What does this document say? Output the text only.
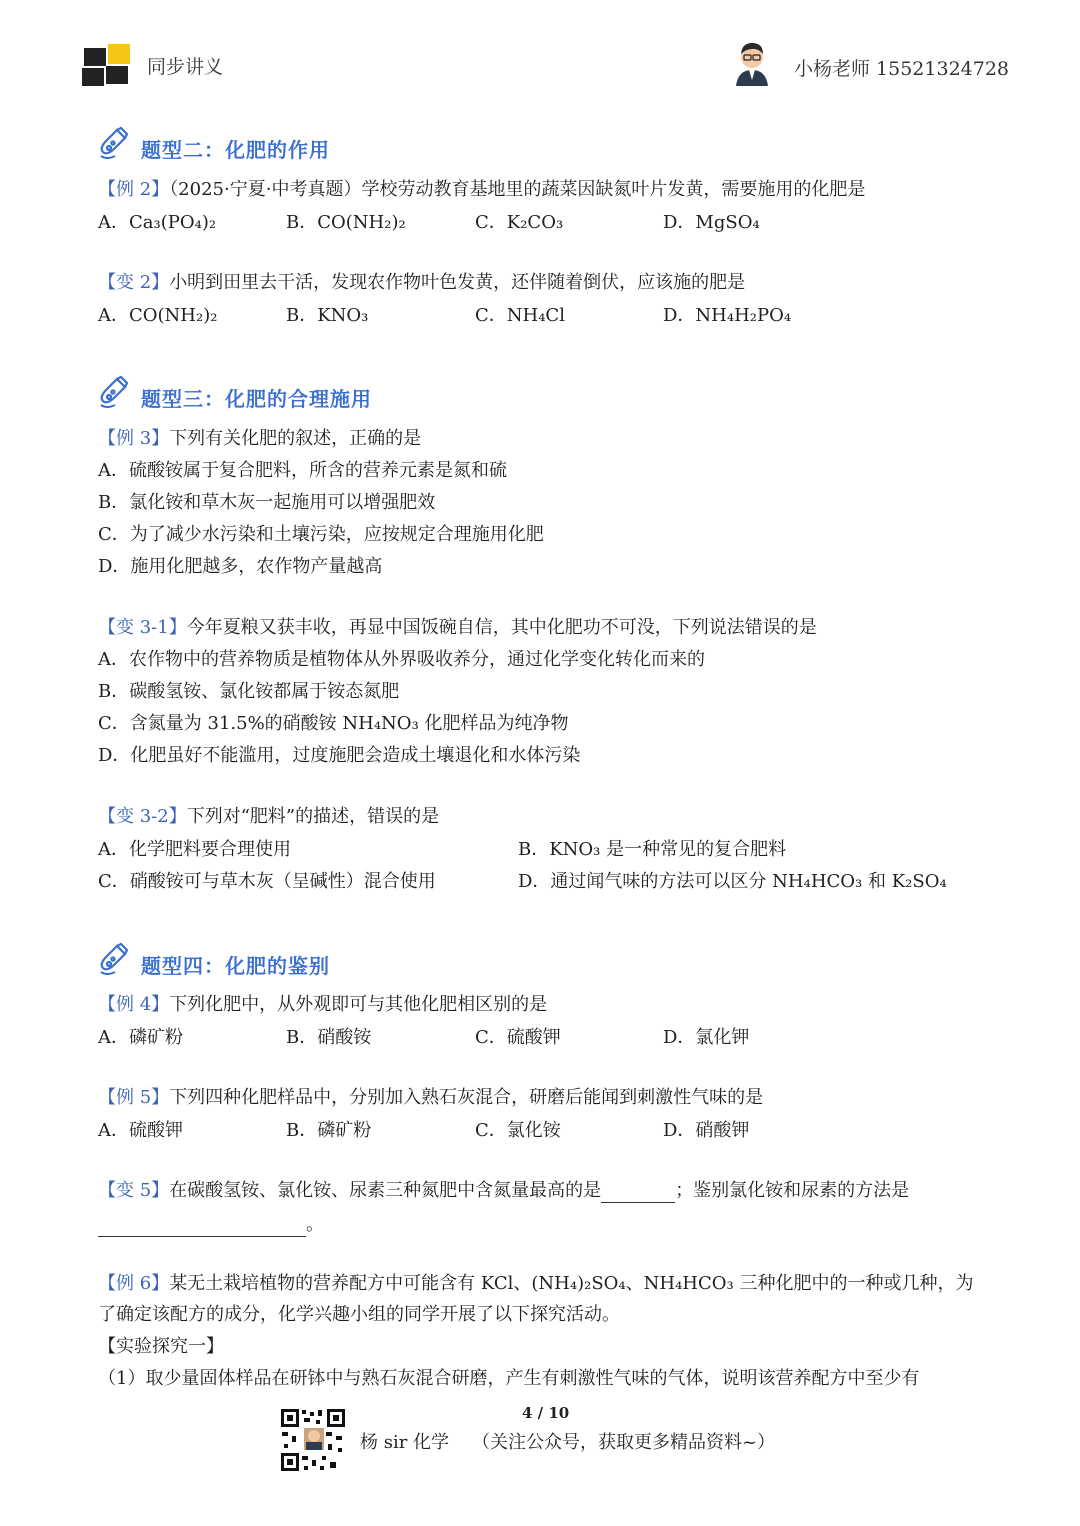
同步讲义	小杨老师 15521324728
题型二：化肥的作用
【例 2】（2025·宁夏·中考真题）学校劳动教育基地里的蔬菜因缺氮叶片发黄，需要施用的化肥是
A．Ca₃(PO₄)₂	B．CO(NH₂)₂	C．K₂CO₃	D．MgSO₄
【变 2】小明到田里去干活，发现农作物叶色发黄，还伴随着倒伏，应该施的肥是
A．CO(NH₂)₂	B．KNO₃	C．NH₄Cl	D．NH₄H₂PO₄
题型三：化肥的合理施用
【例 3】下列有关化肥的叙述，正确的是
A．硫酸铵属于复合肥料，所含的营养元素是氮和硫
B．氯化铵和草木灰一起施用可以增强肥效
C．为了减少水污染和土壤污染，应按规定合理施用化肥
D．施用化肥越多，农作物产量越高
【变 3-1】今年夏粮又获丰收，再显中国饭碗自信，其中化肥功不可没，下列说法错误的是
A．农作物中的营养物质是植物体从外界吸收养分，通过化学变化转化而来的
B．碳酸氢铵、氯化铵都属于铵态氮肥
C．含氮量为 31.5%的硝酸铵 NH₄NO₃ 化肥样品为纯净物
D．化肥虽好不能滥用，过度施肥会造成土壤退化和水体污染
【变 3-2】下列对“肥料”的描述，错误的是
A．化学肥料要合理使用	B．KNO₃ 是一种常见的复合肥料
C．硝酸铵可与草木灰（呈碱性）混合使用	D．通过闻气味的方法可以区分 NH₄HCO₃ 和 K₂SO₄
题型四：化肥的鉴别
【例 4】下列化肥中，从外观即可与其他化肥相区别的是
A．磷矿粉	B．硝酸铵	C．硫酸钾	D．氯化钾
【例 5】下列四种化肥样品中，分别加入熟石灰混合，研磨后能闻到刺激性气味的是
A．硫酸钾	B．磷矿粉	C．氯化铵	D．硝酸钾
【变 5】在碳酸氢铵、氯化铵、尿素三种氮肥中含氮量最高的是	；鉴别氯化铵和尿素的方法是
。
【例 6】某无土栽培植物的营养配方中可能含有 KCl、(NH₄)₂SO₄、NH₄HCO₃ 三种化肥中的一种或几种，为
了确定该配方的成分，化学兴趣小组的同学开展了以下探究活动。
【实验探究一】
（1）取少量固体样品在研钵中与熟石灰混合研磨，产生有刺激性气味的气体，说明该营养配方中至少有
4 / 10
杨 sir 化学 （关注公众号，获取更多精品资料~）
